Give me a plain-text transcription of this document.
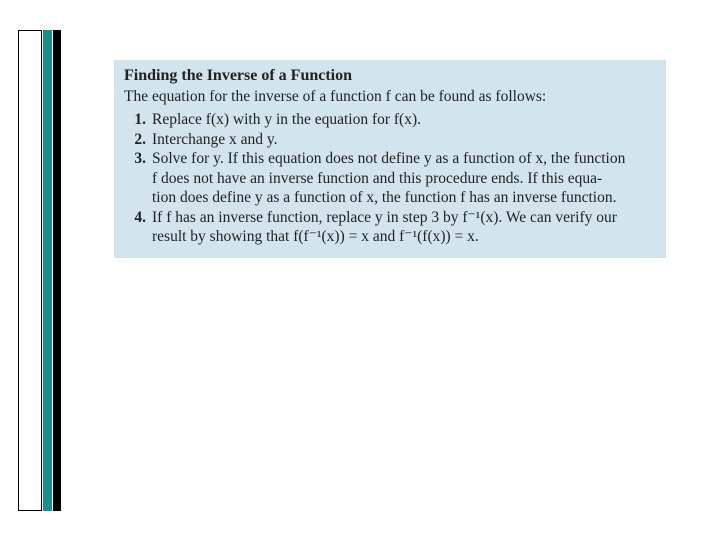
Finding the Inverse of a Function

The equation for the inverse of a function f can be found as follows:

1. Replace f(x) with y in the equation for f(x).
2. Interchange x and y.
3. Solve for y. If this equation does not define y as a function of x, the function
f does not have an inverse function and this procedure ends. If this equa-
tion does define y as a function of x, the function f has an inverse function.
4. If f has an inverse function, replace y in step 3 by f⁻¹(x). We can verify our
result by showing that f(f⁻¹(x)) = x and f⁻¹(f(x)) = x.
